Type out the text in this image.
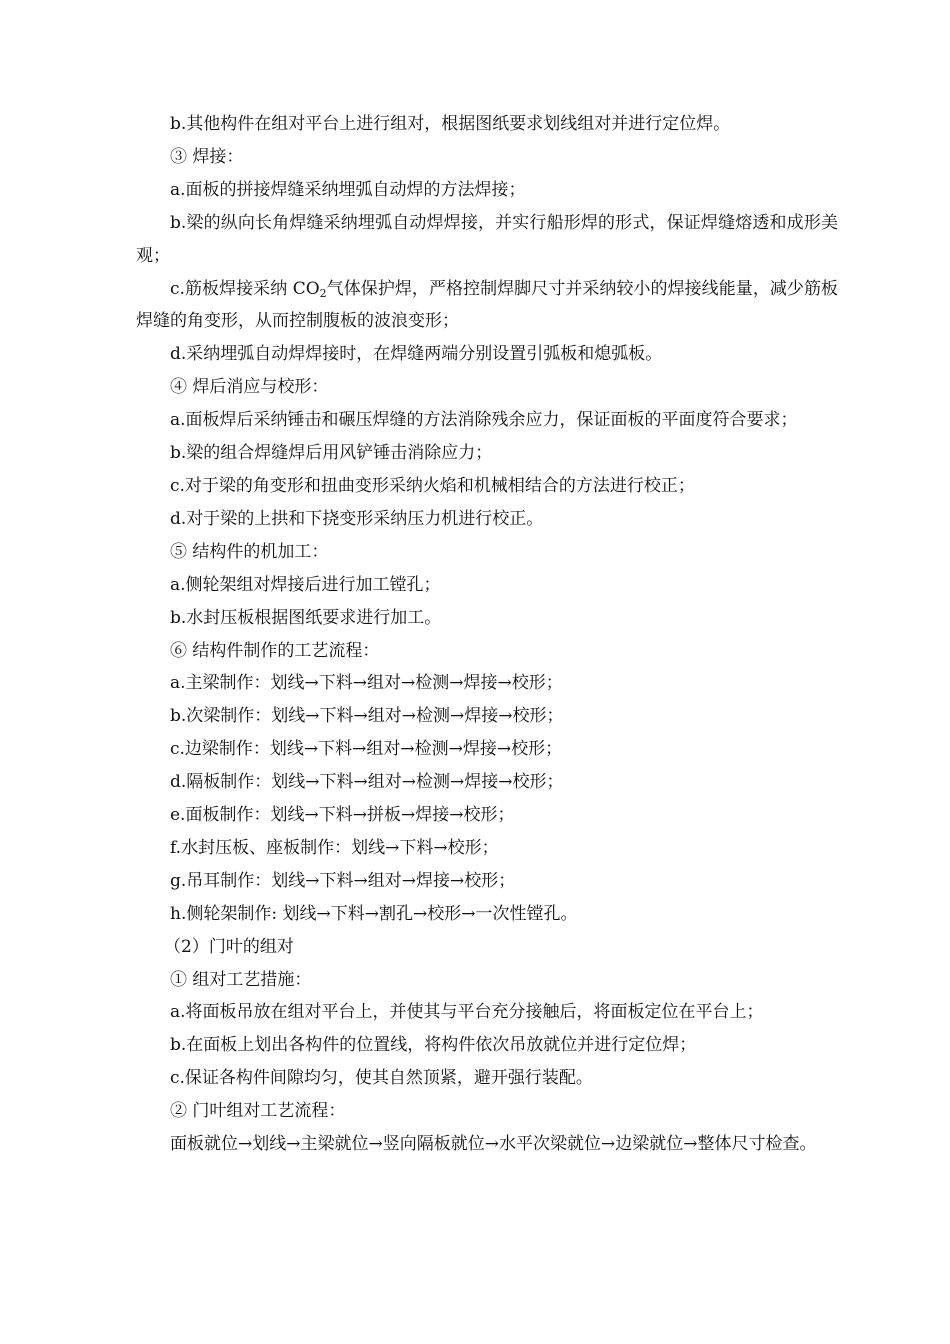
b.其他构件在组对平台上进行组对，根据图纸要求划线组对并进行定位焊。

③ 焊接：

a.面板的拼接焊缝采纳埋弧自动焊的方法焊接；

b.梁的纵向长角焊缝采纳埋弧自动焊焊接，并实行船形焊的形式，保证焊缝熔透和成形美观；

c.筋板焊接采纳 $CO_2$气体保护焊，严格控制焊脚尺寸并采纳较小的焊接线能量，减少筋板焊缝的角变形，从而控制腹板的波浪变形；

d.采纳埋弧自动焊焊接时，在焊缝两端分别设置引弧板和熄弧板。

④ 焊后消应与校形：

a.面板焊后采纳锤击和碾压焊缝的方法消除残余应力，保证面板的平面度符合要求；

b.梁的组合焊缝焊后用风铲锤击消除应力；

c.对于梁的角变形和扭曲变形采纳火焰和机械相结合的方法进行校正；

d.对于梁的上拱和下挠变形采纳压力机进行校正。

⑤ 结构件的机加工：

a.侧轮架组对焊接后进行加工镗孔；

b.水封压板根据图纸要求进行加工。

⑥ 结构件制作的工艺流程：

a.主梁制作：划线→下料→组对→检测→焊接→校形；

b.次梁制作：划线→下料→组对→检测→焊接→校形；

c.边梁制作：划线→下料→组对→检测→焊接→校形；

d.隔板制作：划线→下料→组对→检测→焊接→校形；

e.面板制作：划线→下料→拼板→焊接→校形；

f.水封压板、座板制作：划线→下料→校形；

g.吊耳制作：划线→下料→组对→焊接→校形；

h.侧轮架制作: 划线→下料→割孔→校形→一次性镗孔。

（2）门叶的组对

① 组对工艺措施：

a.将面板吊放在组对平台上，并使其与平台充分接触后，将面板定位在平台上；

b.在面板上划出各构件的位置线，将构件依次吊放就位并进行定位焊；

c.保证各构件间隙均匀，使其自然顶紧，避开强行装配。

② 门叶组对工艺流程：

面板就位→划线→主梁就位→竖向隔板就位→水平次梁就位→边梁就位→整体尺寸检查。
